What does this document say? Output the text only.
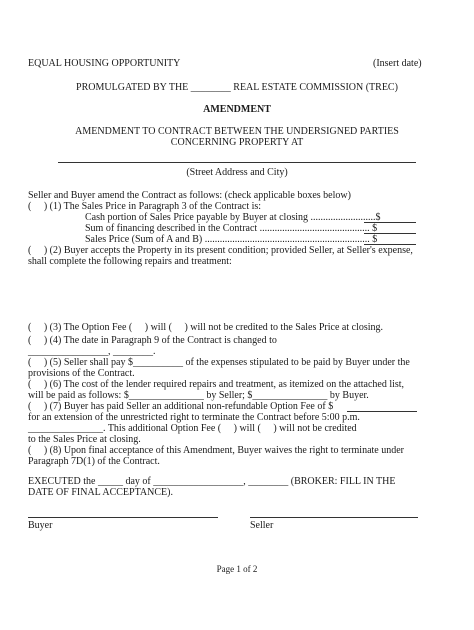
EQUAL HOUSING OPPORTUNITY	(Insert date)

PROMULGATED BY THE ________ REAL ESTATE COMMISSION (TREC)

AMENDMENT

AMENDMENT TO CONTRACT BETWEEN THE UNDERSIGNED PARTIES

CONCERNING PROPERTY AT

(Street Address and City)

Seller and Buyer amend the Contract as follows: (check applicable boxes below)

(     ) (1) The Sales Price in Paragraph 3 of the Contract is:

Cash portion of Sales Price payable by Buyer at closing ..........................$

Sum of financing described in the Contract ............................................ $

Sales Price (Sum of A and B) .................................................................. $

(     ) (2) Buyer accepts the Property in its present condition; provided Seller, at Seller's expense,

shall complete the following repairs and treatment:

(     ) (3) The Option Fee (     ) will (     ) will not be credited to the Sales Price at closing.

(     ) (4) The date in Paragraph 9 of the Contract is changed to

________________, ________.

(     ) (5) Seller shall pay $__________ of the expenses stipulated to be paid by Buyer under the

provisions of the Contract.

(     ) (6) The cost of the lender required repairs and treatment, as itemized on the attached list,

will be paid as follows: $_______________ by Seller; $_______________ by Buyer.

(     ) (7) Buyer has paid Seller an additional non-refundable Option Fee of $

for an extension of the unrestricted right to terminate the Contract before 5:00 p.m.

_______________. This additional Option Fee (     ) will (     ) will not be credited

to the Sales Price at closing.

(     ) (8) Upon final acceptance of this Amendment, Buyer waives the right to terminate under

Paragraph 7D(1) of the Contract.

EXECUTED the _____ day of __________________, ________ (BROKER: FILL IN THE

DATE OF FINAL ACCEPTANCE).

Buyer	Seller

Page 1 of 2
